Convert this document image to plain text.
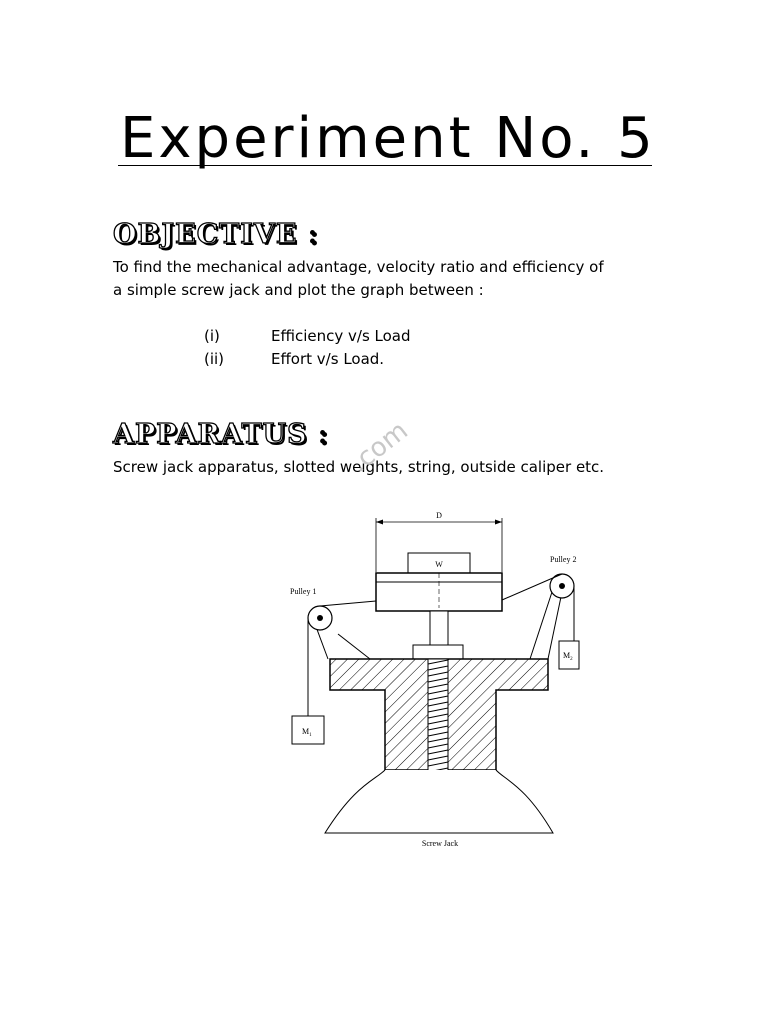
Experiment No. 5
OBJECTIVE :
To find the mechanical advantage, velocity ratio and efficiency of
a simple screw jack and plot the graph between :
(i)	Efficiency v/s Load
(ii)	Effort v/s Load.
APPARATUS :
Screw jack apparatus, slotted weights, string, outside caliper etc.
.com
D
W
Pulley 1
$M_1$
Pulley 2
$M_2$
Screw Jack
